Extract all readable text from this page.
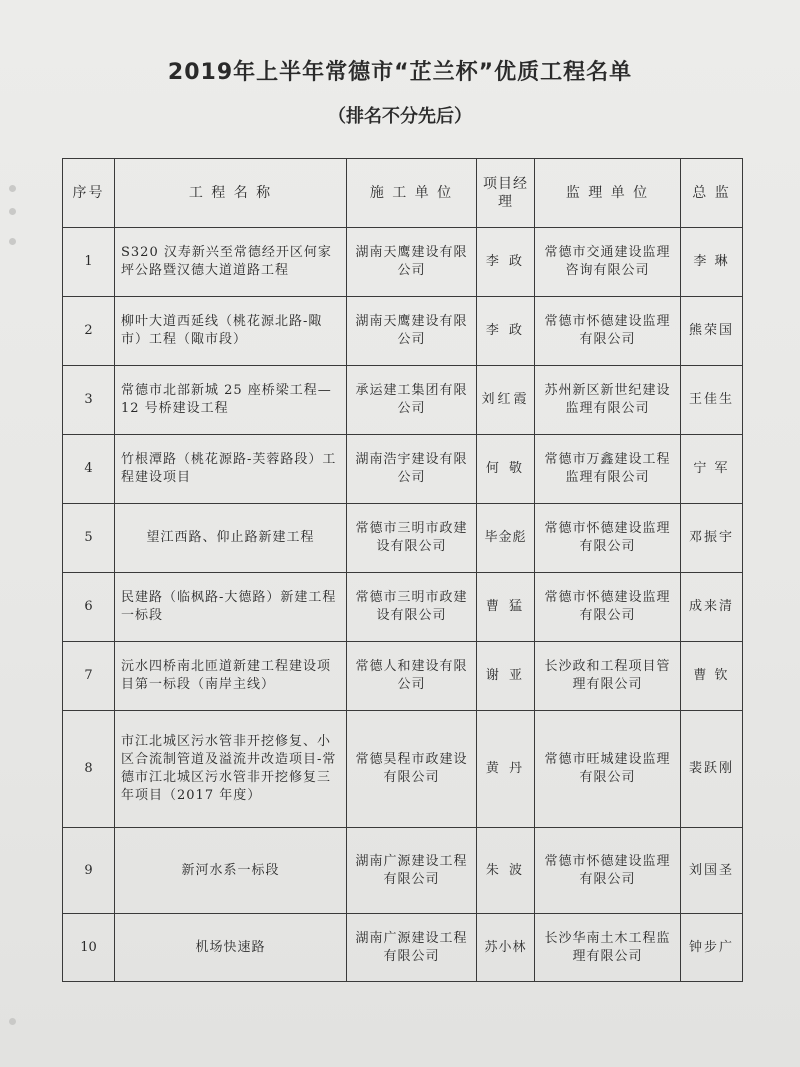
2019年上半年常德市“芷兰杯”优质工程名单
（排名不分先后）
序号	工 程 名 称	施 工 单 位	项目经理	监 理 单 位	总 监
1	S320 汉寿新兴至常德经开区何家坪公路暨汉德大道道路工程	湖南天鹰建设有限公司	李 政	常德市交通建设监理咨询有限公司	李 琳
2	柳叶大道西延线（桃花源北路-陬市）工程（陬市段）	湖南天鹰建设有限公司	李 政	常德市怀德建设监理有限公司	熊荣国
3	常德市北部新城 25 座桥梁工程—12 号桥建设工程	承运建工集团有限公司	刘红霞	苏州新区新世纪建设监理有限公司	王佳生
4	竹根潭路（桃花源路-芙蓉路段）工程建设项目	湖南浩宇建设有限公司	何 敬	常德市万鑫建设工程监理有限公司	宁 军
5	望江西路、仰止路新建工程	常德市三明市政建设有限公司	毕金彪	常德市怀德建设监理有限公司	邓振宇
6	民建路（临枫路-大德路）新建工程一标段	常德市三明市政建设有限公司	曹 猛	常德市怀德建设监理有限公司	成来清
7	沅水四桥南北匝道新建工程建设项目第一标段（南岸主线）	常德人和建设有限公司	谢 亚	长沙政和工程项目管理有限公司	曹 钦
8	市江北城区污水管非开挖修复、小区合流制管道及溢流井改造项目-常德市江北城区污水管非开挖修复三年项目（2017 年度）	常德昊程市政建设有限公司	黄 丹	常德市旺城建设监理有限公司	裴跃刚
9	新河水系一标段	湖南广源建设工程有限公司	朱 波	常德市怀德建设监理有限公司	刘国圣
10	机场快速路	湖南广源建设工程有限公司	苏小林	长沙华南土木工程监理有限公司	钟步广
